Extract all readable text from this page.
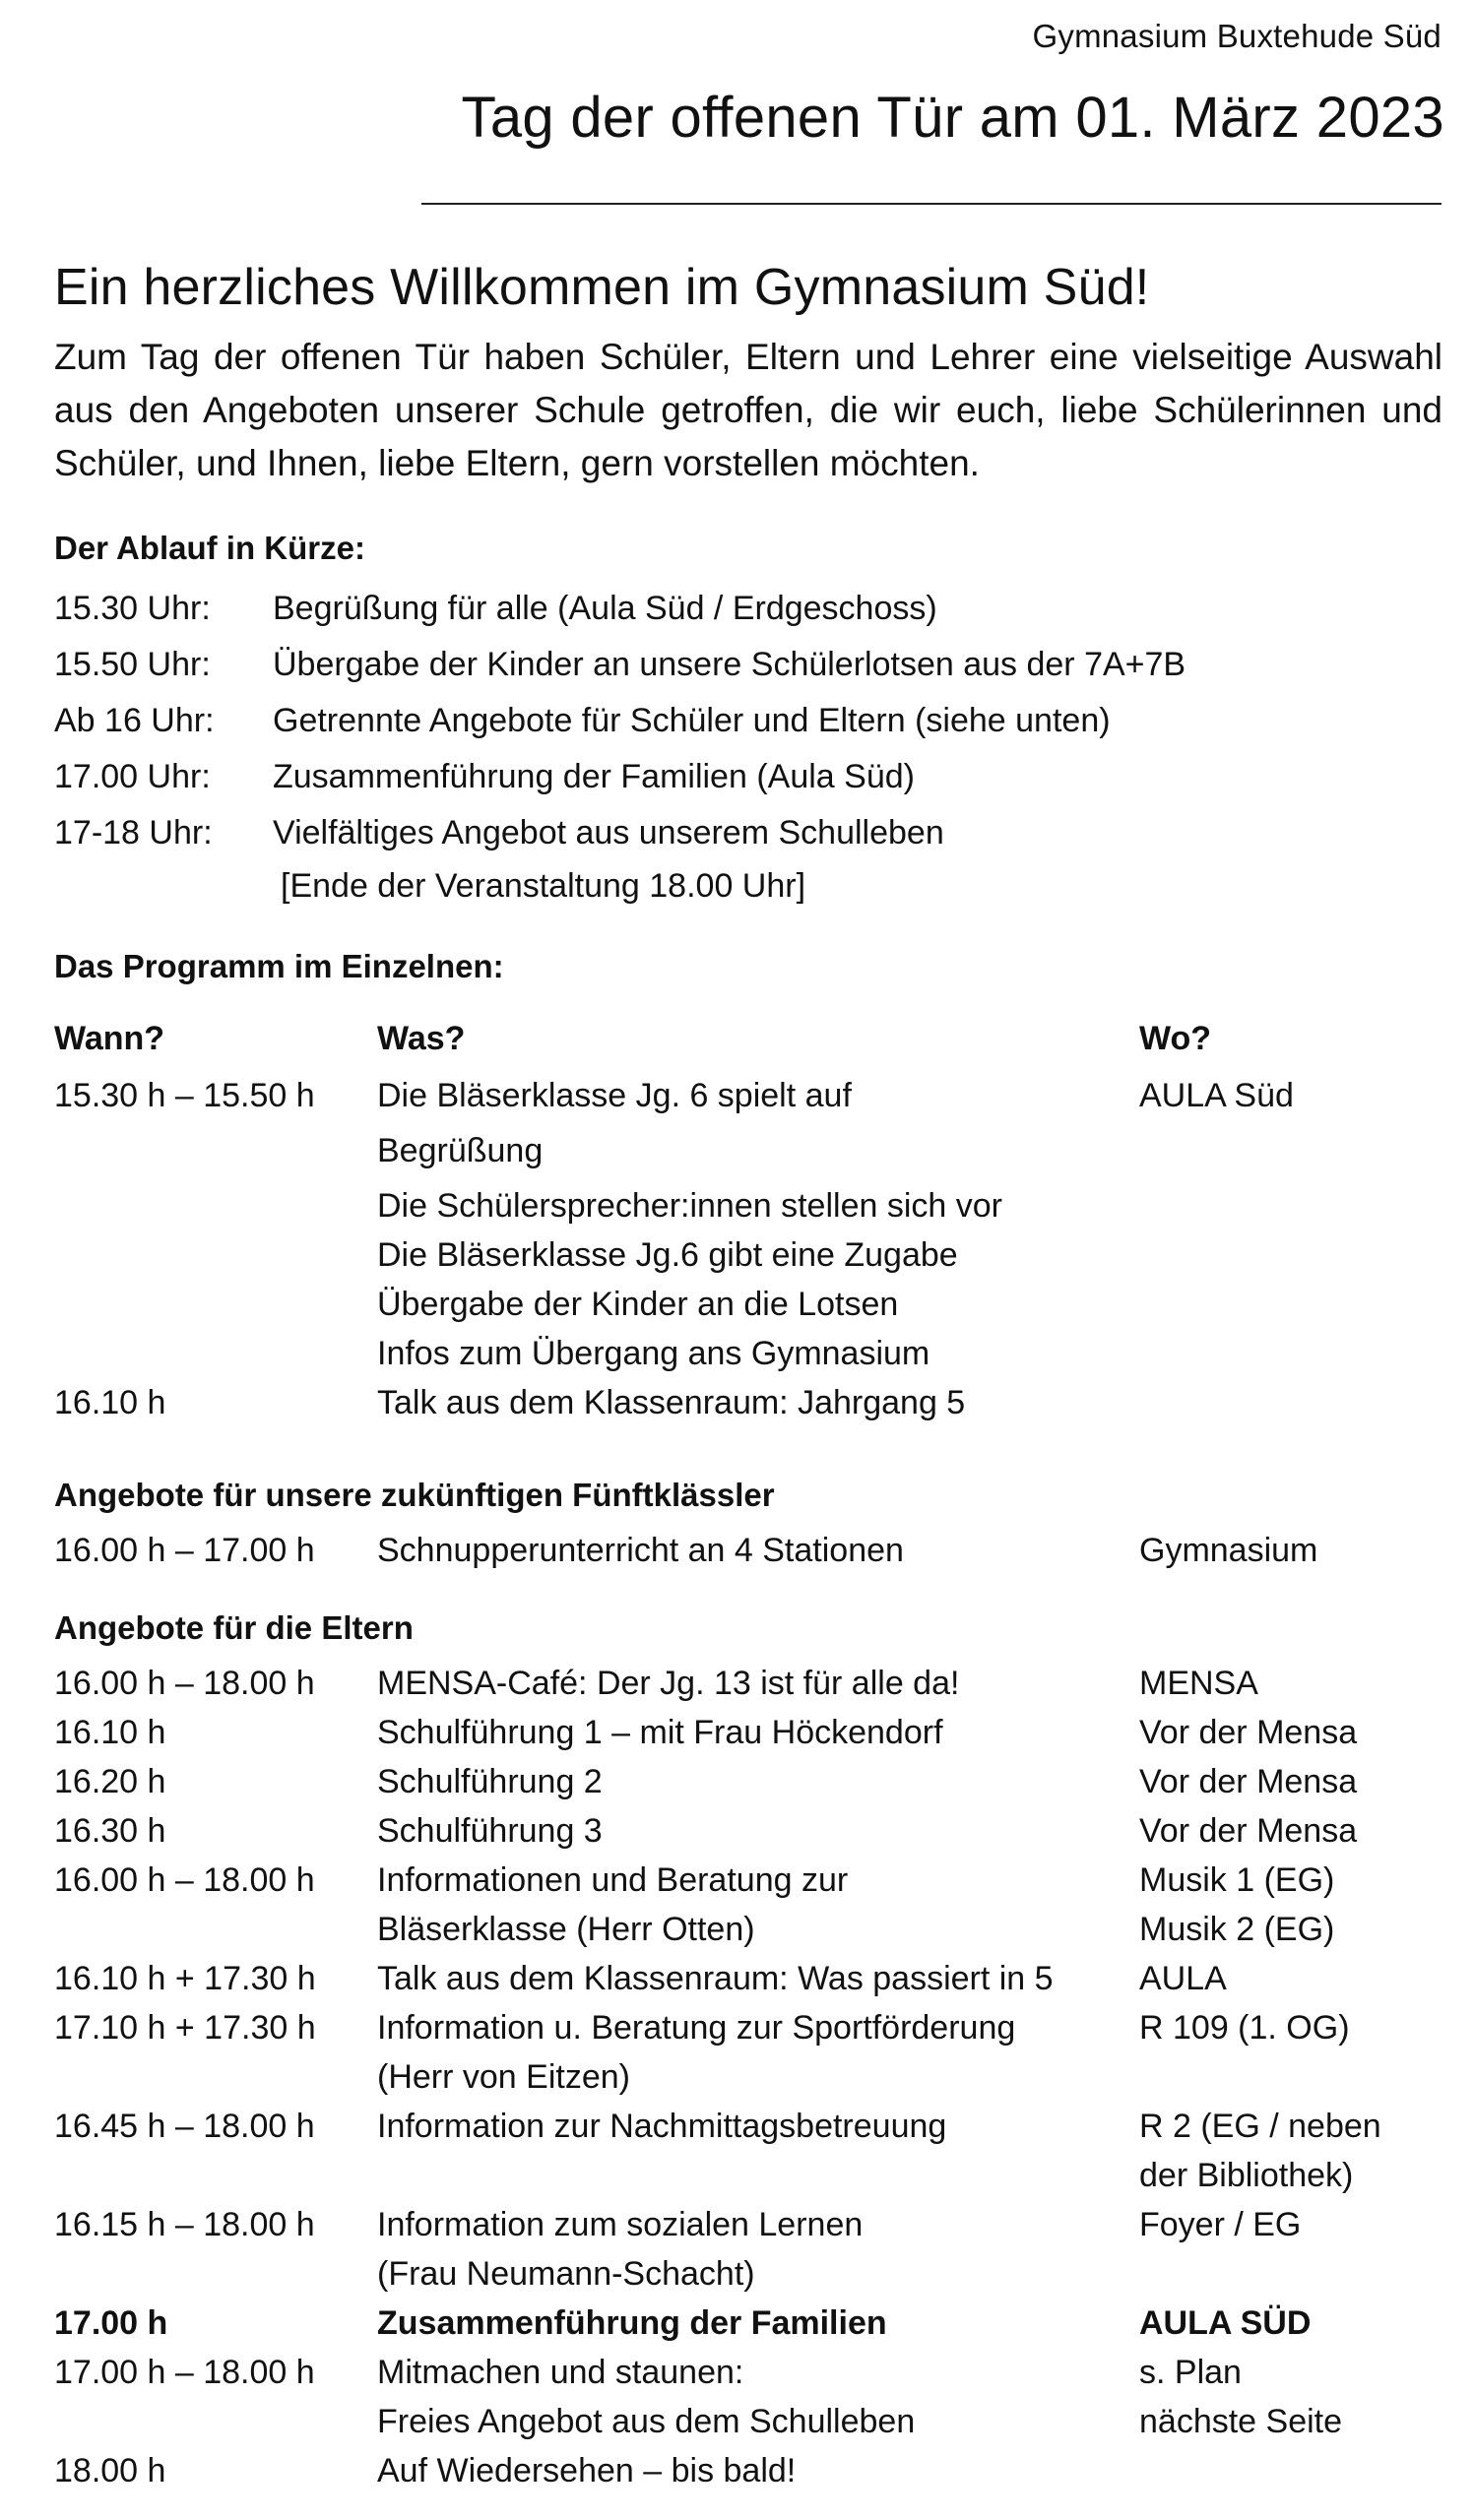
Gymnasium Buxtehude Süd
Tag der offenen Tür am 01. März 2023
Ein herzliches Willkommen im Gymnasium Süd!
Zum Tag der offenen Tür haben Schüler, Eltern und Lehrer eine vielseitige Auswahl aus den Angeboten unserer Schule getroffen, die wir euch, liebe Schülerinnen und Schüler, und Ihnen, liebe Eltern, gern vorstellen möchten.
Der Ablauf in Kürze:
15.30 Uhr: Begrüßung für alle (Aula Süd / Erdgeschoss)
15.50 Uhr: Übergabe der Kinder an unsere Schülerlotsen aus der 7A+7B
Ab 16 Uhr: Getrennte Angebote für Schüler und Eltern (siehe unten)
17.00 Uhr: Zusammenführung der Familien (Aula Süd)
17-18 Uhr: Vielfältiges Angebot aus unserem Schulleben
[Ende der Veranstaltung 18.00 Uhr]
Das Programm im Einzelnen:
Wann?	Was?	Wo?
15.30 h – 15.50 h Die Bläserklasse Jg. 6 spielt auf	AULA Süd
Begrüßung
Die Schülersprecher:innen stellen sich vor
Die Bläserklasse Jg.6 gibt eine Zugabe
Übergabe der Kinder an die Lotsen
Infos zum Übergang ans Gymnasium
16.10 h	Talk aus dem Klassenraum: Jahrgang 5
Angebote für unsere zukünftigen Fünftklässler
16.00 h – 17.00 h Schnupperunterricht an 4 Stationen	Gymnasium
Angebote für die Eltern
16.00 h – 18.00 h MENSA-Café: Der Jg. 13 ist für alle da!	MENSA
16.10 h	Schulführung 1 – mit Frau Höckendorf	Vor der Mensa
16.20 h	Schulführung 2	Vor der Mensa
16.30 h	Schulführung 3	Vor der Mensa
16.00 h – 18.00 h Informationen und Beratung zur	Musik 1 (EG)
Bläserklasse (Herr Otten)	Musik 2 (EG)
16.10 h + 17.30 h Talk aus dem Klassenraum: Was passiert in 5	AULA
17.10 h + 17.30 h Information u. Beratung zur Sportförderung	R 109 (1. OG)
(Herr von Eitzen)
16.45 h – 18.00 h Information zur Nachmittagsbetreuung	R 2 (EG / neben
der Bibliothek)
16.15 h – 18.00 h Information zum sozialen Lernen	Foyer / EG
(Frau Neumann-Schacht)
17.00 h	Zusammenführung der Familien	AULA SÜD
17.00 h – 18.00 h Mitmachen und staunen:	s. Plan
Freies Angebot aus dem Schulleben	nächste Seite
18.00 h	Auf Wiedersehen – bis bald!
